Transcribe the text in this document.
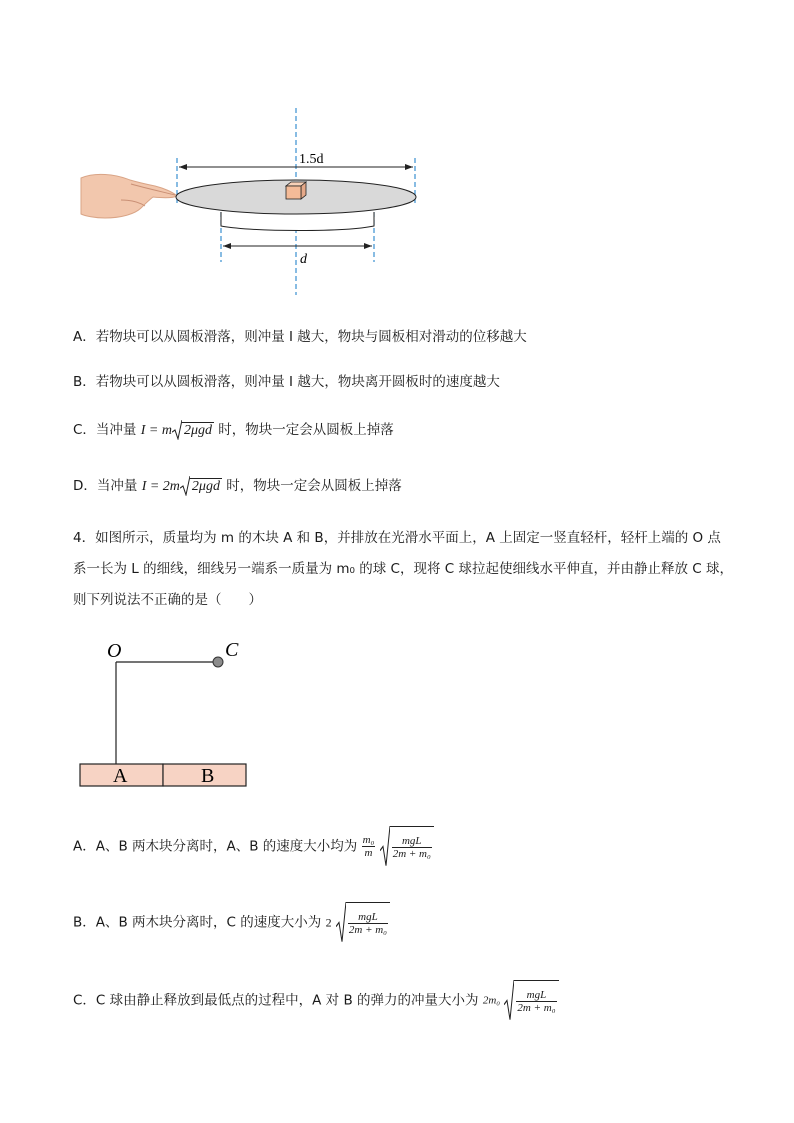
1.5d
d
A．若物块可以从圆板滑落，则冲量 I 越大，物块与圆板相对滑动的位移越大
B．若物块可以从圆板滑落，则冲量 I 越大，物块离开圆板时的速度越大
C．当冲量 I = m 2μgd 时，物块一定会从圆板上掉落
D．当冲量 I = 2m 2μgd 时，物块一定会从圆板上掉落
4．如图所示，质量均为 m 的木块 A 和 B，并排放在光滑水平面上，A 上固定一竖直轻杆，轻杆上端的 O 点
系一长为 L 的细线，细线另一端系一质量为 m₀ 的球 C，现将 C 球拉起使细线水平伸直，并由静止释放 C 球，
则下列说法不正确的是（　　）
O	C
A	B
A．A、B 两木块分离时，A、B 的速度大小均为 $\frac{\text{m₀}}{m}$
$\frac{\text{mgL}}{\text{2m + m₀}}$
B．A、B 两木块分离时，C 的速度大小为 $2 \frac{\text{mgL}}{\text{2m + m₀}}$
C．C 球由静止释放到最低点的过程中，A 对 B 的弹力的冲量大小为 $2m_0 \frac{\text{mgL}}{\text{2m + m₀}}$
